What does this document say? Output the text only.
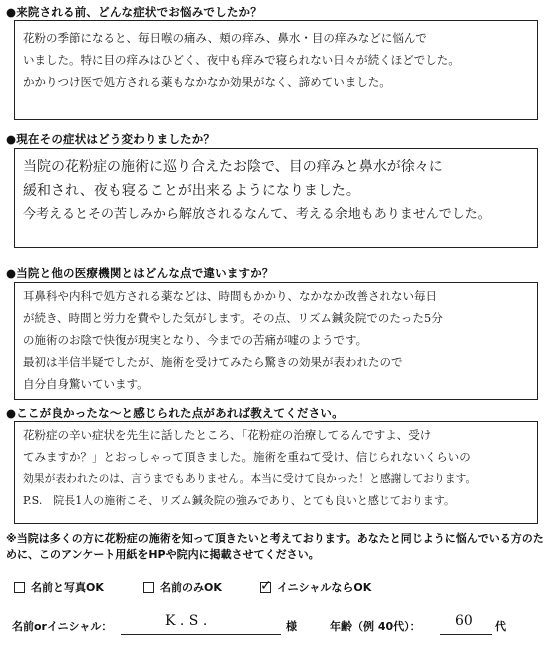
●来院される前、どんな症状でお悩みでしたか？

花粉の季節になると、毎日喉の痛み、頬の痒み、鼻水・目の痒みなどに悩んで

いました。特に目の痒みはひどく、夜中も痒みで寝られない日々が続くほどでした。

かかりつけ医で処方される薬もなかなか効果がなく、諦めていました。

●現在その症状はどう変わりましたか？

当院の花粉症の施術に巡り合えたお陰で、目の痒みと鼻水が徐々に

緩和され、夜も寝ることが出来るようになりました。

今考えるとその苦しみから解放されるなんて、考える余地もありませんでした。

●当院と他の医療機関とはどんな点で違いますか？

耳鼻科や内科で処方される薬などは、時間もかかり、なかなか改善されない毎日

が続き、時間と労力を費やした気がします。その点、リズム鍼灸院でのたった5分

の施術のお陰で快復が現実となり、今までの苦痛が嘘のようです。

最初は半信半疑でしたが、施術を受けてみたら驚きの効果が表われたので

自分自身驚いています。

●ここが良かったな～と感じられた点があれば教えてください。

花粉症の辛い症状を先生に話したところ、「花粉症の治療してるんですよ、受け

てみますか？」とおっしゃって頂きました。施術を重ねて受け、信じられないくらいの

効果が表われたのは、言うまでもありません。本当に受けて良かった！と感謝しております。

P.S.　院長1人の施術こそ、リズム鍼灸院の強みであり、とても良いと感じております。

※当院は多くの方に花粉症の施術を知って頂きたいと考えております。あなたと同じように悩んでいる方のために、このアンケート用紙をHPや院内に掲載させてください。
名前と写真OK	名前のみOK	✓ イニシャルならOK
名前orイニシャル：	K . S .	様	年齢（例 40代）： 60 代
